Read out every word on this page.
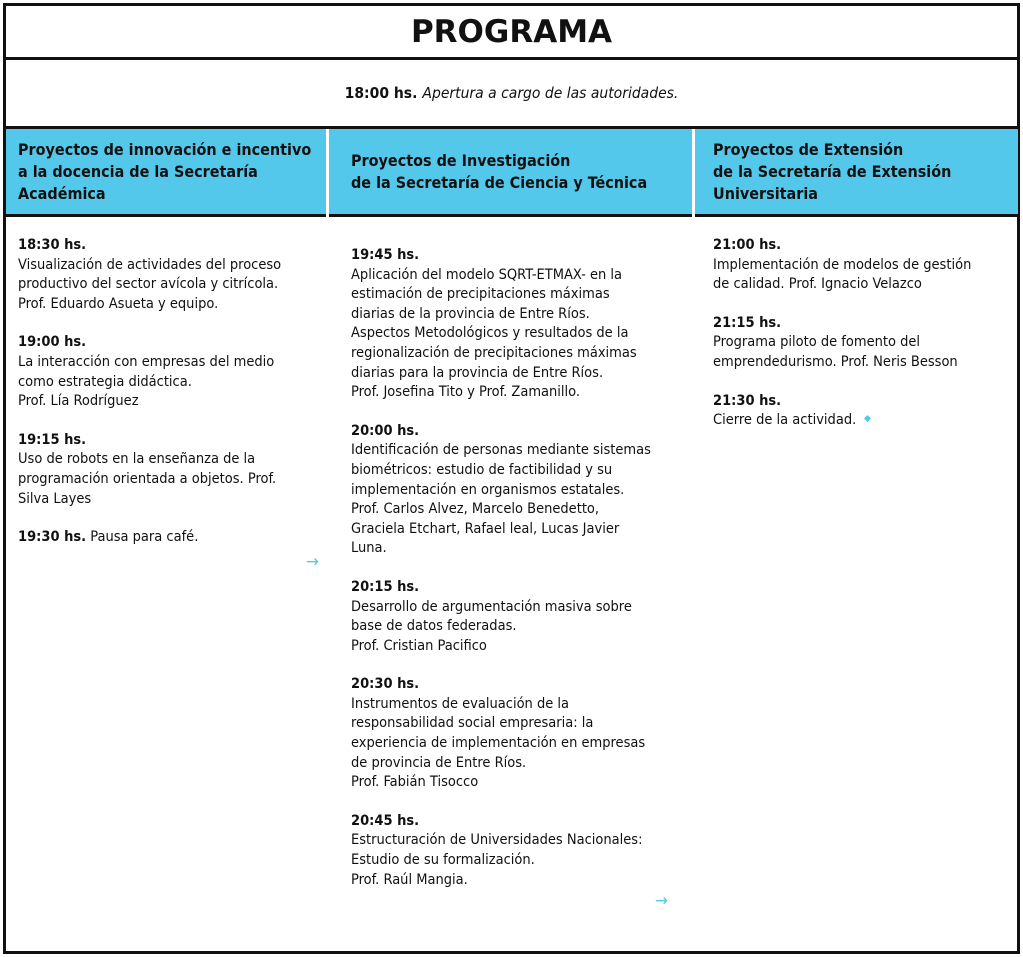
PROGRAMA
18:00 hs. Apertura a cargo de las autoridades.
Proyectos de innovación e incentivo
a la docencia de la Secretaría
Académica
Proyectos de Investigación
de la Secretaría de Ciencia y Técnica
Proyectos de Extensión
de la Secretaría de Extensión
Universitaria
18:30 hs.
Visualización de actividades del proceso
productivo del sector avícola y citrícola.
Prof. Eduardo Asueta y equipo.
19:00 hs.
La interacción con empresas del medio
como estrategia didáctica.
Prof. Lía Rodríguez
19:15 hs.
Uso de robots en la enseñanza de la
programación orientada a objetos. Prof.
Silva Layes
19:30 hs. Pausa para café.
→
19:45 hs.
Aplicación del modelo SQRT-ETMAX- en la
estimación de precipitaciones máximas
diarias de la provincia de Entre Ríos.
Aspectos Metodológicos y resultados de la
regionalización de precipitaciones máximas
diarias para la provincia de Entre Ríos.
Prof. Josefina Tito y Prof. Zamanillo.
20:00 hs.
Identificación de personas mediante sistemas
biométricos: estudio de factibilidad y su
implementación en organismos estatales.
Prof. Carlos Alvez, Marcelo Benedetto,
Graciela Etchart, Rafael leal, Lucas Javier
Luna.
20:15 hs.
Desarrollo de argumentación masiva sobre
base de datos federadas.
Prof. Cristian Pacifico
20:30 hs.
Instrumentos de evaluación de la
responsabilidad social empresaria: la
experiencia de implementación en empresas
de provincia de Entre Ríos.
Prof. Fabián Tisocco
20:45 hs.
Estructuración de Universidades Nacionales:
Estudio de su formalización.
Prof. Raúl Mangia.
→
21:00 hs.
Implementación de modelos de gestión
de calidad. Prof. Ignacio Velazco
21:15 hs.
Programa piloto de fomento del
emprendedurismo. Prof. Neris Besson
21:30 hs.
Cierre de la actividad.
